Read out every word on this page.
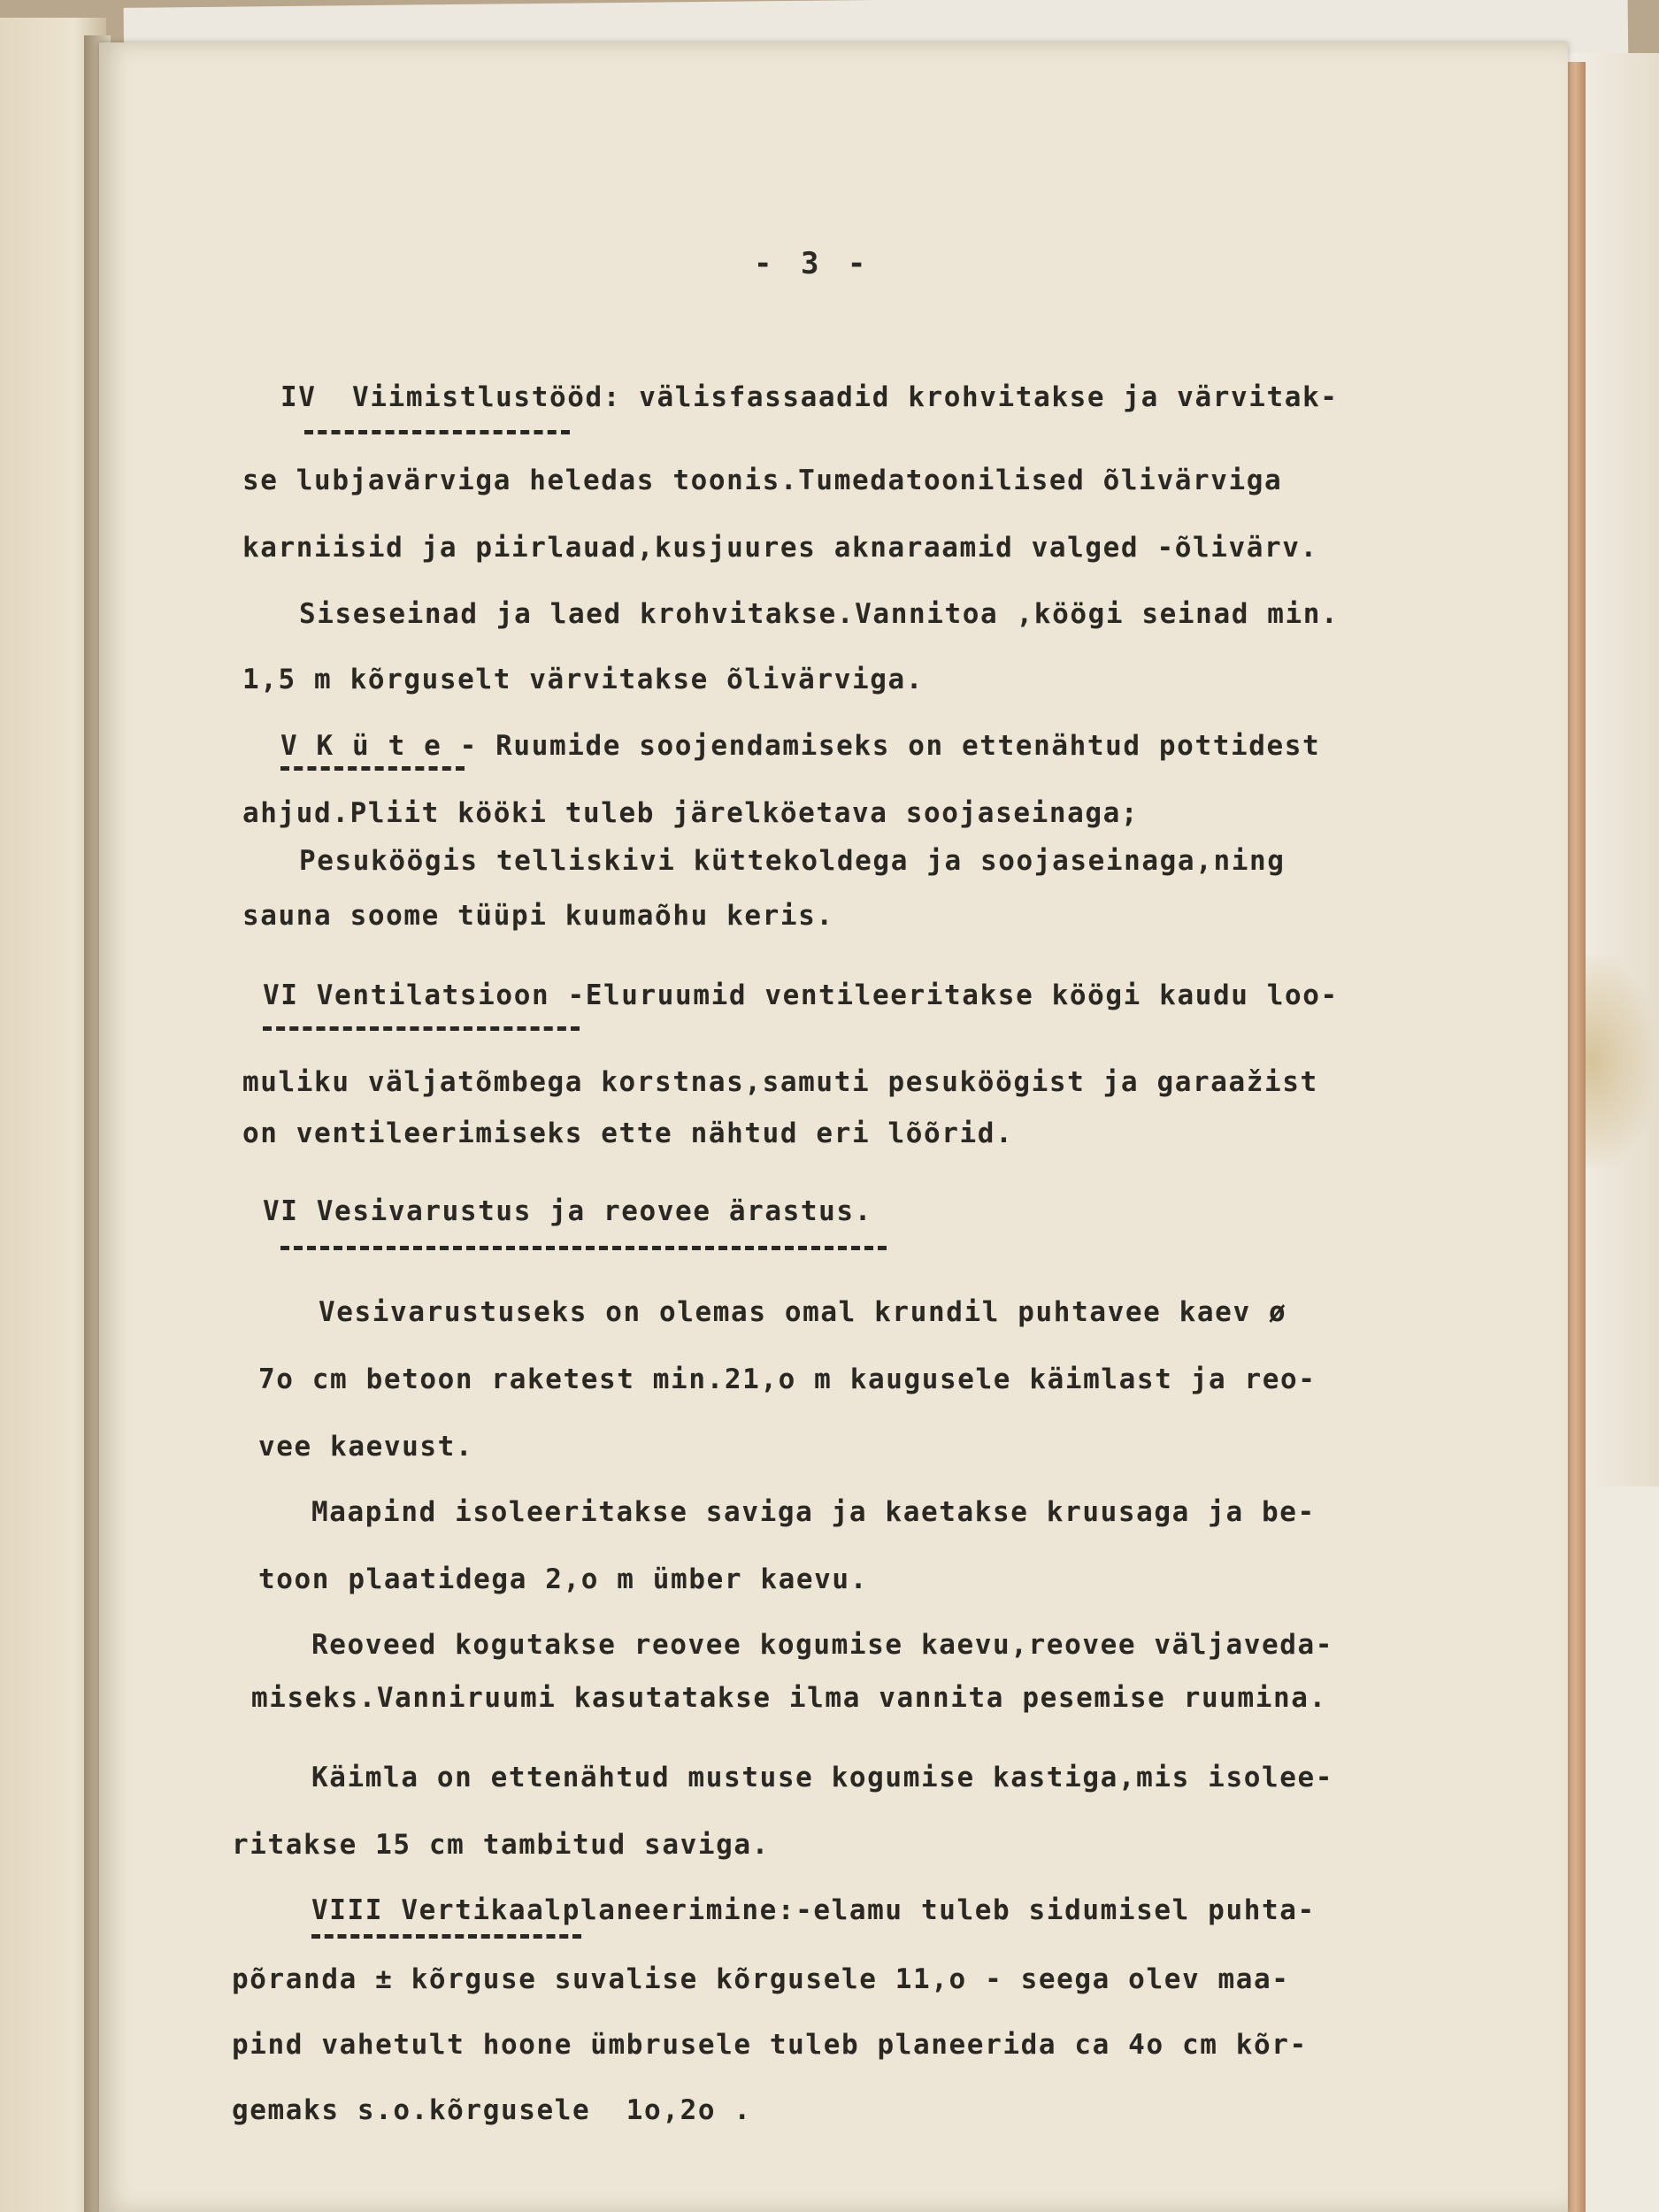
- 3 -
IV  Viimistlustööd: välisfassaadid krohvitakse ja värvitak-
se lubjavärviga heledas toonis.Tumedatoonilised õlivärviga
karniisid ja piirlauad,kusjuures aknaraamid valged -õlivärv.
Siseseinad ja laed krohvitakse.Vannitoa ,köögi seinad min.
1,5 m kõrguselt värvitakse õlivärviga.
V K ü t e - Ruumide soojendamiseks on ettenähtud pottidest
ahjud.Pliit kööki tuleb järelköetava soojaseinaga;
Pesuköögis telliskivi küttekoldega ja soojaseinaga,ning
sauna soome tüüpi kuumaõhu keris.
VI Ventilatsioon -Eluruumid ventileeritakse köögi kaudu loo-
muliku väljatõmbega korstnas,samuti pesuköögist ja garaažist
on ventileerimiseks ette nähtud eri lõõrid.
VI Vesivarustus ja reovee ärastus.
Vesivarustuseks on olemas omal krundil puhtavee kaev ø
7o cm betoon raketest min.21,o m kaugusele käimlast ja reo-
vee kaevust.
Maapind isoleeritakse saviga ja kaetakse kruusaga ja be-
toon plaatidega 2,o m ümber kaevu.
Reoveed kogutakse reovee kogumise kaevu,reovee väljaveda-
miseks.Vanniruumi kasutatakse ilma vannita pesemise ruumina.
Käimla on ettenähtud mustuse kogumise kastiga,mis isolee-
ritakse 15 cm tambitud saviga.
VIII Vertikaalplaneerimine:-elamu tuleb sidumisel puhta-
põranda ± kõrguse suvalise kõrgusele 11,o - seega olev maa-
pind vahetult hoone ümbrusele tuleb planeerida ca 4o cm kõr-
gemaks s.o.kõrgusele  1o,2o .
